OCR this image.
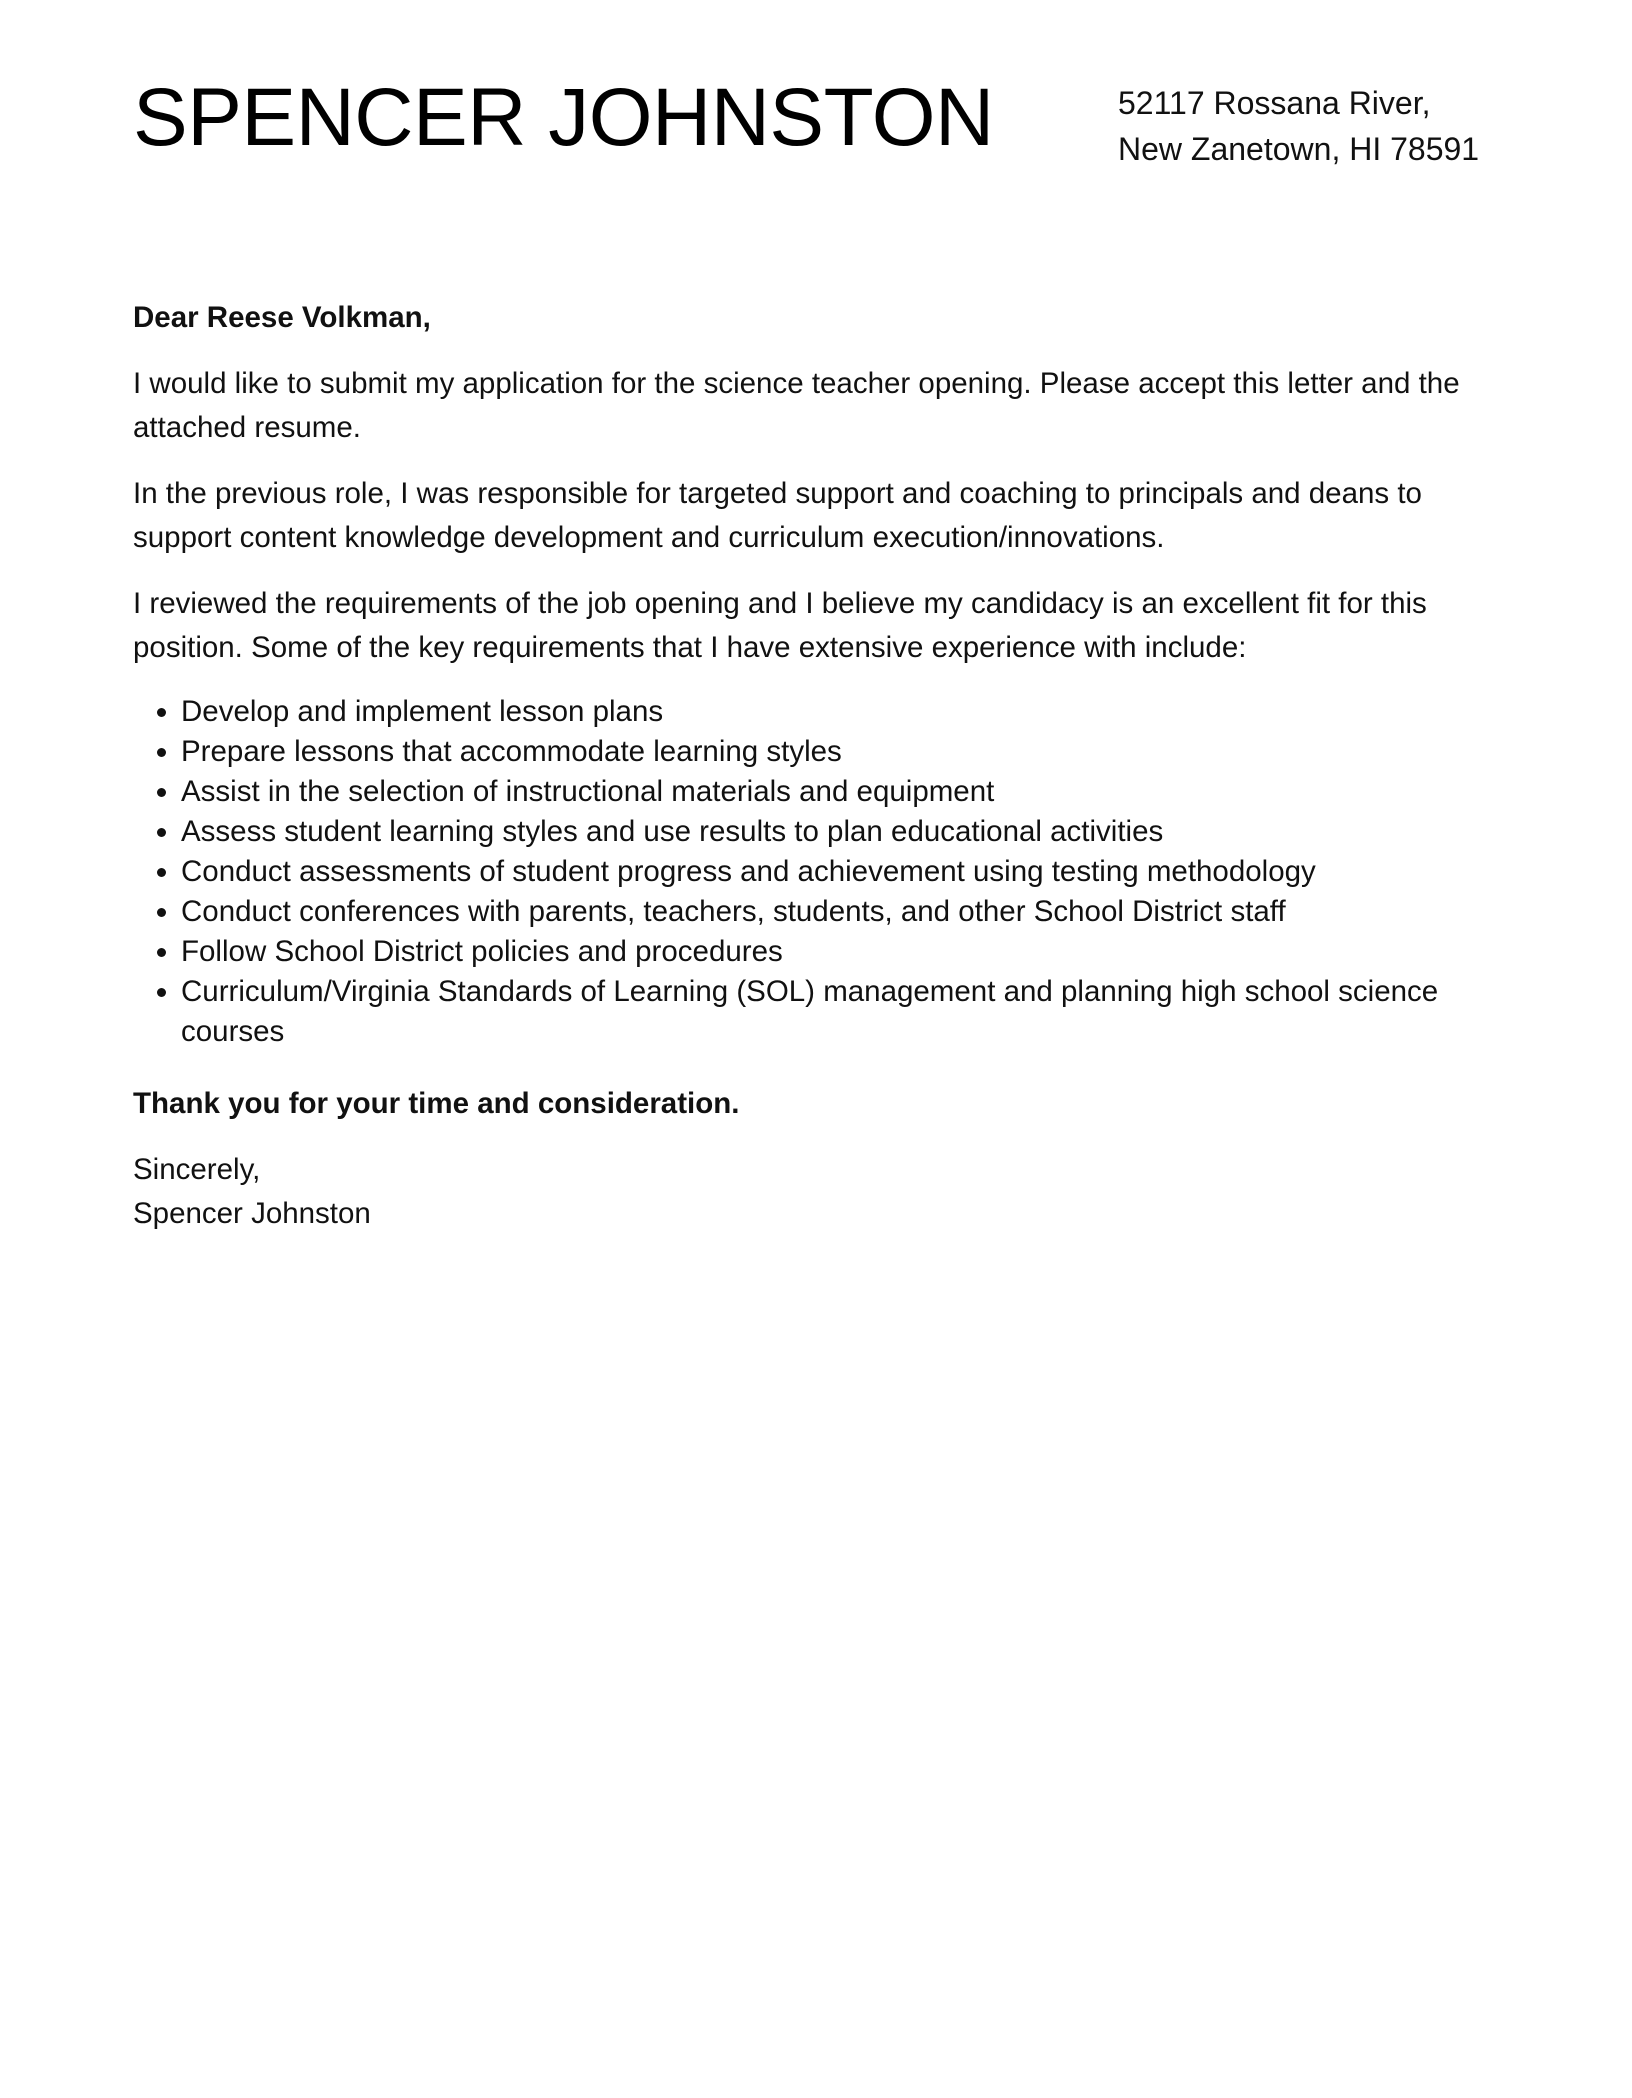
SPENCER JOHNSTON	52117 Rossana River,
New Zanetown, HI 78591

Dear Reese Volkman,

I would like to submit my application for the science teacher opening. Please accept this letter and the attached resume.

In the previous role, I was responsible for targeted support and coaching to principals and deans to support content knowledge development and curriculum execution/innovations.

I reviewed the requirements of the job opening and I believe my candidacy is an excellent fit for this position. Some of the key requirements that I have extensive experience with include:

• Develop and implement lesson plans
• Prepare lessons that accommodate learning styles
• Assist in the selection of instructional materials and equipment
• Assess student learning styles and use results to plan educational activities
• Conduct assessments of student progress and achievement using testing methodology
• Conduct conferences with parents, teachers, students, and other School District staff
• Follow School District policies and procedures
• Curriculum/Virginia Standards of Learning (SOL) management and planning high school science courses

Thank you for your time and consideration.

Sincerely,
Spencer Johnston
